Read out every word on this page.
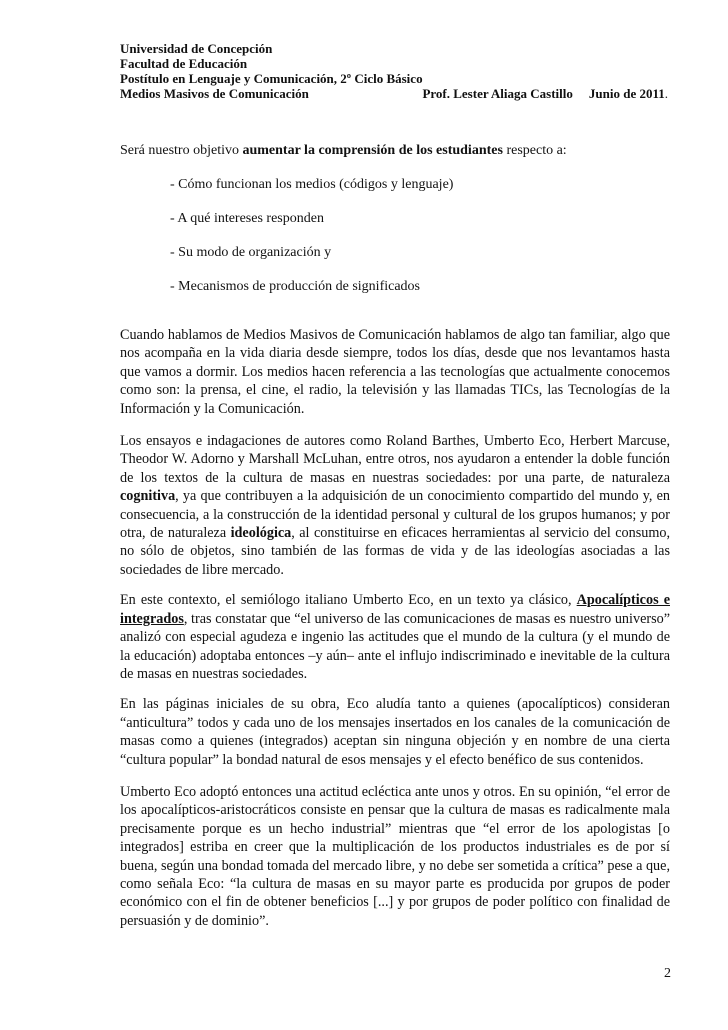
Universidad de Concepción
Facultad de Educación
Postítulo en Lenguaje y Comunicación, 2º Ciclo Básico
Medios Masivos de Comunicación	Prof. Lester Aliaga Castillo Junio de 2011.
Será nuestro objetivo aumentar la comprensión de los estudiantes respecto a:
- Cómo funcionan los medios (códigos y lenguaje)
- A qué intereses responden
- Su modo de organización y
- Mecanismos de producción de significados

Cuando hablamos de Medios Masivos de Comunicación hablamos de algo tan familiar, algo que nos acompaña en la vida diaria desde siempre, todos los días, desde que nos levantamos hasta que vamos a dormir. Los medios hacen referencia a las tecnologías que actualmente conocemos como son: la prensa, el cine, el radio, la televisión y las llamadas TICs, las Tecnologías de la Información y la Comunicación.

Los ensayos e indagaciones de autores como Roland Barthes, Umberto Eco, Herbert Marcuse, Theodor W. Adorno y Marshall McLuhan, entre otros, nos ayudaron a entender la doble función de los textos de la cultura de masas en nuestras sociedades: por una parte, de naturaleza cognitiva, ya que contribuyen a la adquisición de un conocimiento compartido del mundo y, en consecuencia, a la construcción de la identidad personal y cultural de los grupos humanos; y por otra, de naturaleza ideológica, al constituirse en eficaces herramientas al servicio del consumo, no sólo de objetos, sino también de las formas de vida y de las ideologías asociadas a las sociedades de libre mercado.

En este contexto, el semiólogo italiano Umberto Eco, en un texto ya clásico, Apocalípticos e integrados, tras constatar que “el universo de las comunicaciones de masas es nuestro universo” analizó con especial agudeza e ingenio las actitudes que el mundo de la cultura (y el mundo de la educación) adoptaba entonces –y aún– ante el influjo indiscriminado e inevitable de la cultura de masas en nuestras sociedades.

En las páginas iniciales de su obra, Eco aludía tanto a quienes (apocalípticos) consideran “anticultura” todos y cada uno de los mensajes insertados en los canales de la comunicación de masas como a quienes (integrados) aceptan sin ninguna objeción y en nombre de una cierta “cultura popular” la bondad natural de esos mensajes y el efecto benéfico de sus contenidos.

Umberto Eco adoptó entonces una actitud ecléctica ante unos y otros. En su opinión, “el error de los apocalípticos-aristocráticos consiste en pensar que la cultura de masas es radicalmente mala precisamente porque es un hecho industrial” mientras que “el error de los apologistas [o integrados] estriba en creer que la multiplicación de los productos industriales es de por sí buena, según una bondad tomada del mercado libre, y no debe ser sometida a crítica” pese a que, como señala Eco: “la cultura de masas en su mayor parte es producida por grupos de poder económico con el fin de obtener beneficios [...] y por grupos de poder político con finalidad de persuasión y de dominio”.

2
